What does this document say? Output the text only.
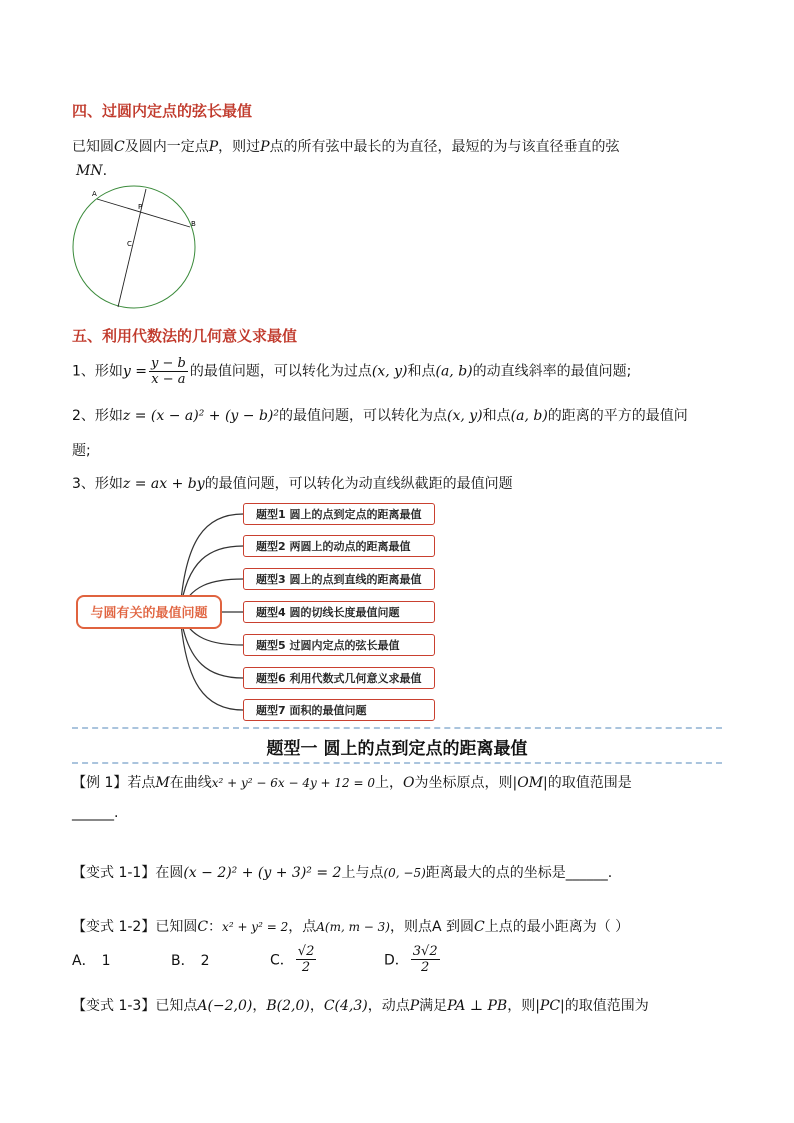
四、过圆内定点的弦长最值
已知圆C及圆内一定点P，则过P点的所有弦中最长的为直径，最短的为与该直径垂直的弦
MN.
A
B
C
P
五、利用代数法的几何意义求最值
1、形如$y = \frac{y - b}{x - a}$ 的最值问题，可以转化为过点(x, y)和点(a, b)的动直线斜率的最值问题;
2、形如z = (x − a)² + (y − b)²的最值问题，可以转化为点(x, y)和点(a, b)的距离的平方的最值问
题;
3、形如z = ax + by的最值问题，可以转化为动直线纵截距的最值问题
与圆有关的最值问题
题型1 圆上的点到定点的距离最值
题型2 两圆上的动点的距离最值
题型3 圆上的点到直线的距离最值
题型4 圆的切线长度最值问题
题型5 过圆内定点的弦长最值
题型6 利用代数式几何意义求最值
题型7 面积的最值问题
题型一 圆上的点到定点的距离最值
【例 1】若点M在曲线x² + y² − 6x − 4y + 12 = 0上，O为坐标原点，则|OM|的取值范围是
______.
【变式 1-1】在圆(x − 2)² + (y + 3)² = 2上与点(0, −5)距离最大的点的坐标是______.
【变式 1-2】已知圆C：x² + y² = 2，点A(m, m − 3)，则点A 到圆C上点的最小距离为（ ）
A． 1	B． 2	C． $\frac{√2}{2}$	D． $\frac{3√2}{2}$
【变式 1-3】已知点A(−2,0)，B(2,0)，C(4,3)，动点P满足PA ⊥ PB，则|PC|的取值范围为
